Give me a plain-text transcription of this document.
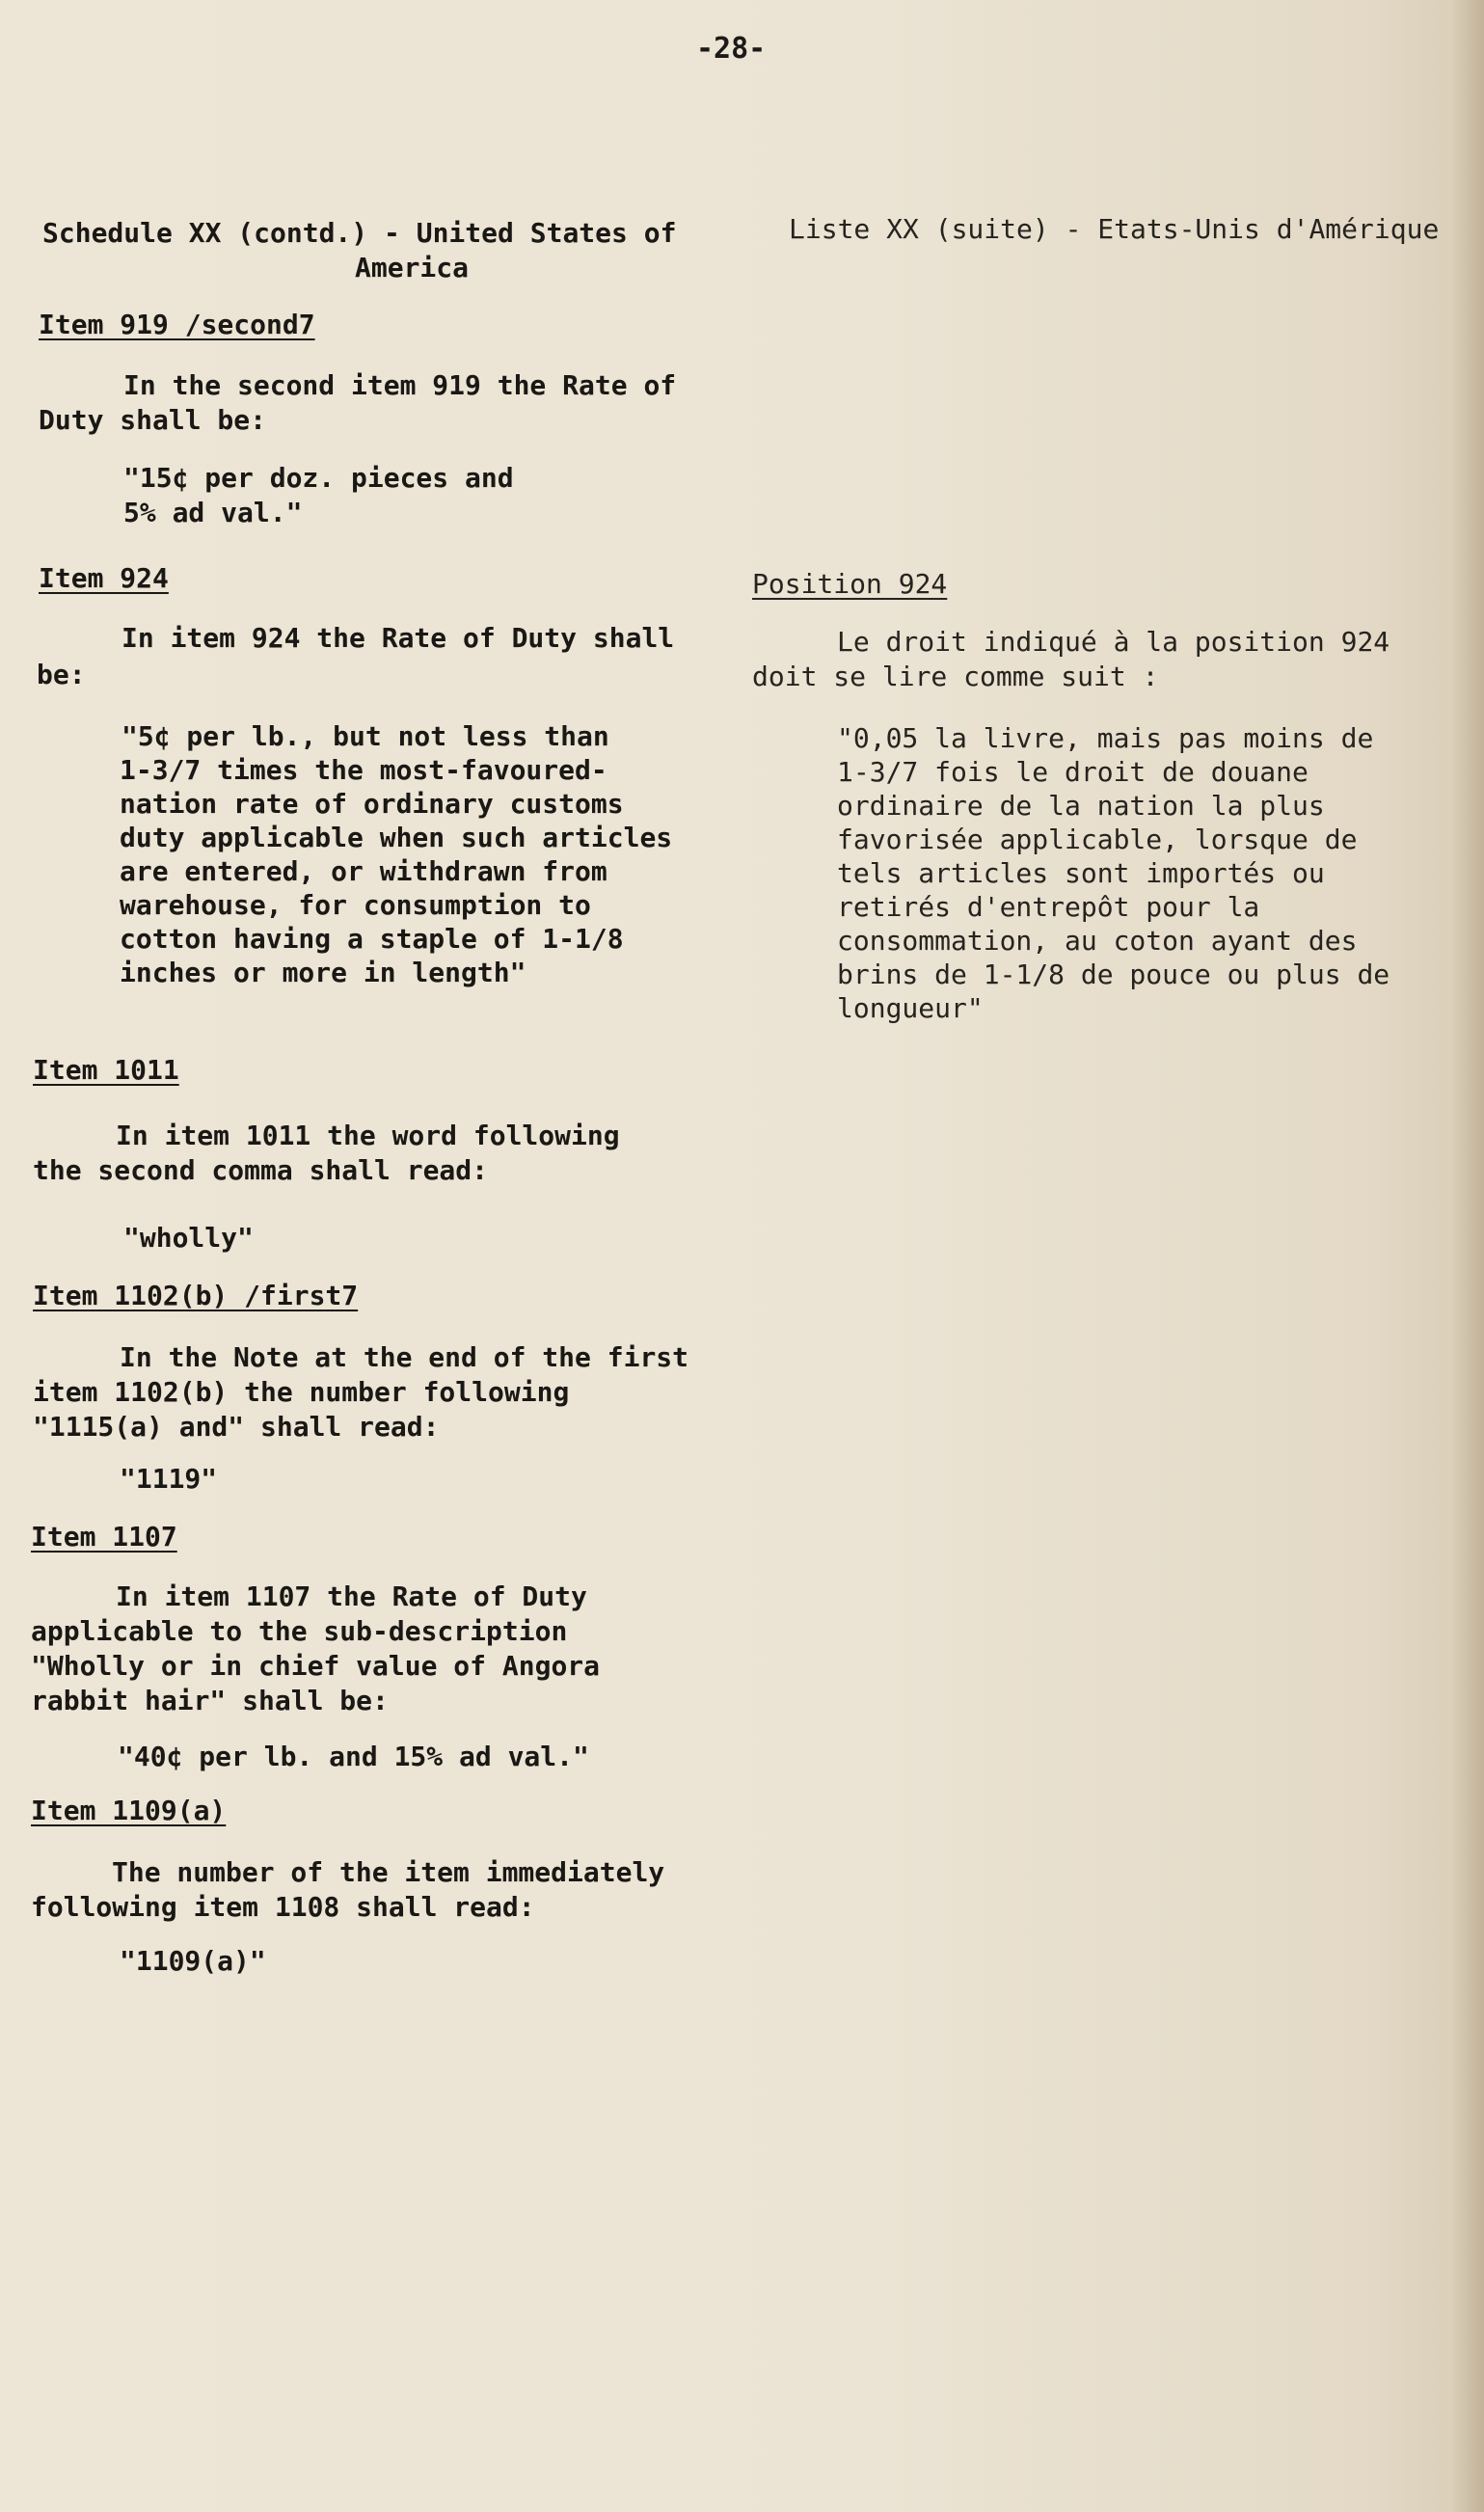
-28-
Schedule XX (contd.) - United States of
America
Item 919 /second7
In the second item 919 the Rate of
Duty shall be:
"15¢ per doz. pieces and
5% ad val."
Item 924
In item 924 the Rate of Duty shall
be:
"5¢ per lb., but not less than
1-3/7 times the most-favoured-
nation rate of ordinary customs
duty applicable when such articles
are entered, or withdrawn from
warehouse, for consumption to
cotton having a staple of 1-1/8
inches or more in length"
Item 1011
In item 1011 the word following
the second comma shall read:
"wholly"
Item 1102(b) /first7
In the Note at the end of the first
item 1102(b) the number following
"1115(a) and" shall read:
"1119"
Item 1107
In item 1107 the Rate of Duty
applicable to the sub-description
"Wholly or in chief value of Angora
rabbit hair" shall be:
"40¢ per lb. and 15% ad val."
Item 1109(a)
The number of the item immediately
following item 1108 shall read:
"1109(a)"
Liste XX (suite) - Etats-Unis d'Amérique
Position 924
Le droit indiqué à la position 924
doit se lire comme suit :
"0,05 la livre, mais pas moins de
1-3/7 fois le droit de douane
ordinaire de la nation la plus
favorisée applicable, lorsque de
tels articles sont importés ou
retirés d'entrepôt pour la
consommation, au coton ayant des
brins de 1-1/8 de pouce ou plus de
longueur"
